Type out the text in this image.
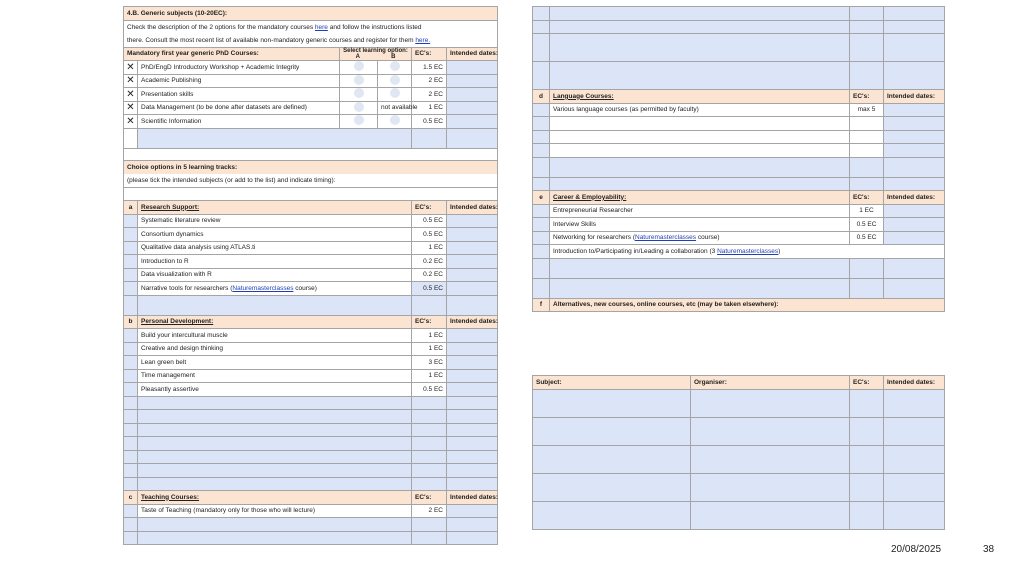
4.B. Generic subjects (10-20EC):					
Check the description of the 2 options for the mandatory courses here and follow the instructions listed					
there. Consult the most recent list of available non-mandatory generic courses and register for them here.					
Mandatory first year generic PhD Courses:		Select learning option:
A B		EC's:	Intended dates:
✕	PhD/EngD Introductory Workshop + Academic Integrity			1.5 EC	
✕	Academic Publishing			2 EC	
✕	Presentation skills			2 EC	
✕	Data Management (to be done after datasets are defined)		not available	1 EC	
✕	Scientific Information			0.5 EC	

Choice options in 5 learning tracks:					
(please tick the intended subjects (or add to the list) and indicate timing):					

a	Research Support:			EC's:	Intended dates:
	Systematic literature review			0.5 EC	
	Consortium dynamics			0.5 EC	
	Qualitative data analysis using ATLAS.ti			1 EC	
	Introduction to R			0.2 EC	
	Data visualization with R			0.2 EC	
	Narrative tools for researchers (Naturemasterclasses course)			0.5 EC	

b	Personal Development:			EC's:	Intended dates:
	Build your intercultural muscle			1 EC	
	Creative and design thinking			1 EC	
	Lean green belt			3 EC	
	Time management			1 EC	
	Pleasantly assertive			0.5 EC	

c	Teaching Courses:			EC's:	Intended dates:
	Taste of Teaching (mandatory only for those who will lecture)			2 EC	

d	Language Courses:	EC's:	Intended dates:
	Various language courses (as permitted by faculty)	max 5	

e	Career & Employability:	EC's:	Intended dates:
	Entrepreneurial Researcher	1 EC	
	Interview Skills	0.5 EC	
	Networking for researchers (Naturemasterclasses course)	0.5 EC	
	Introduction to/Participating in/Leading a collaboration (3 Naturemasterclasses)		

f	Alternatives, new courses, online courses, etc (may be taken elsewhere):		
Subject:	Organiser:	EC's:	Intended dates:

20/08/2025	38
